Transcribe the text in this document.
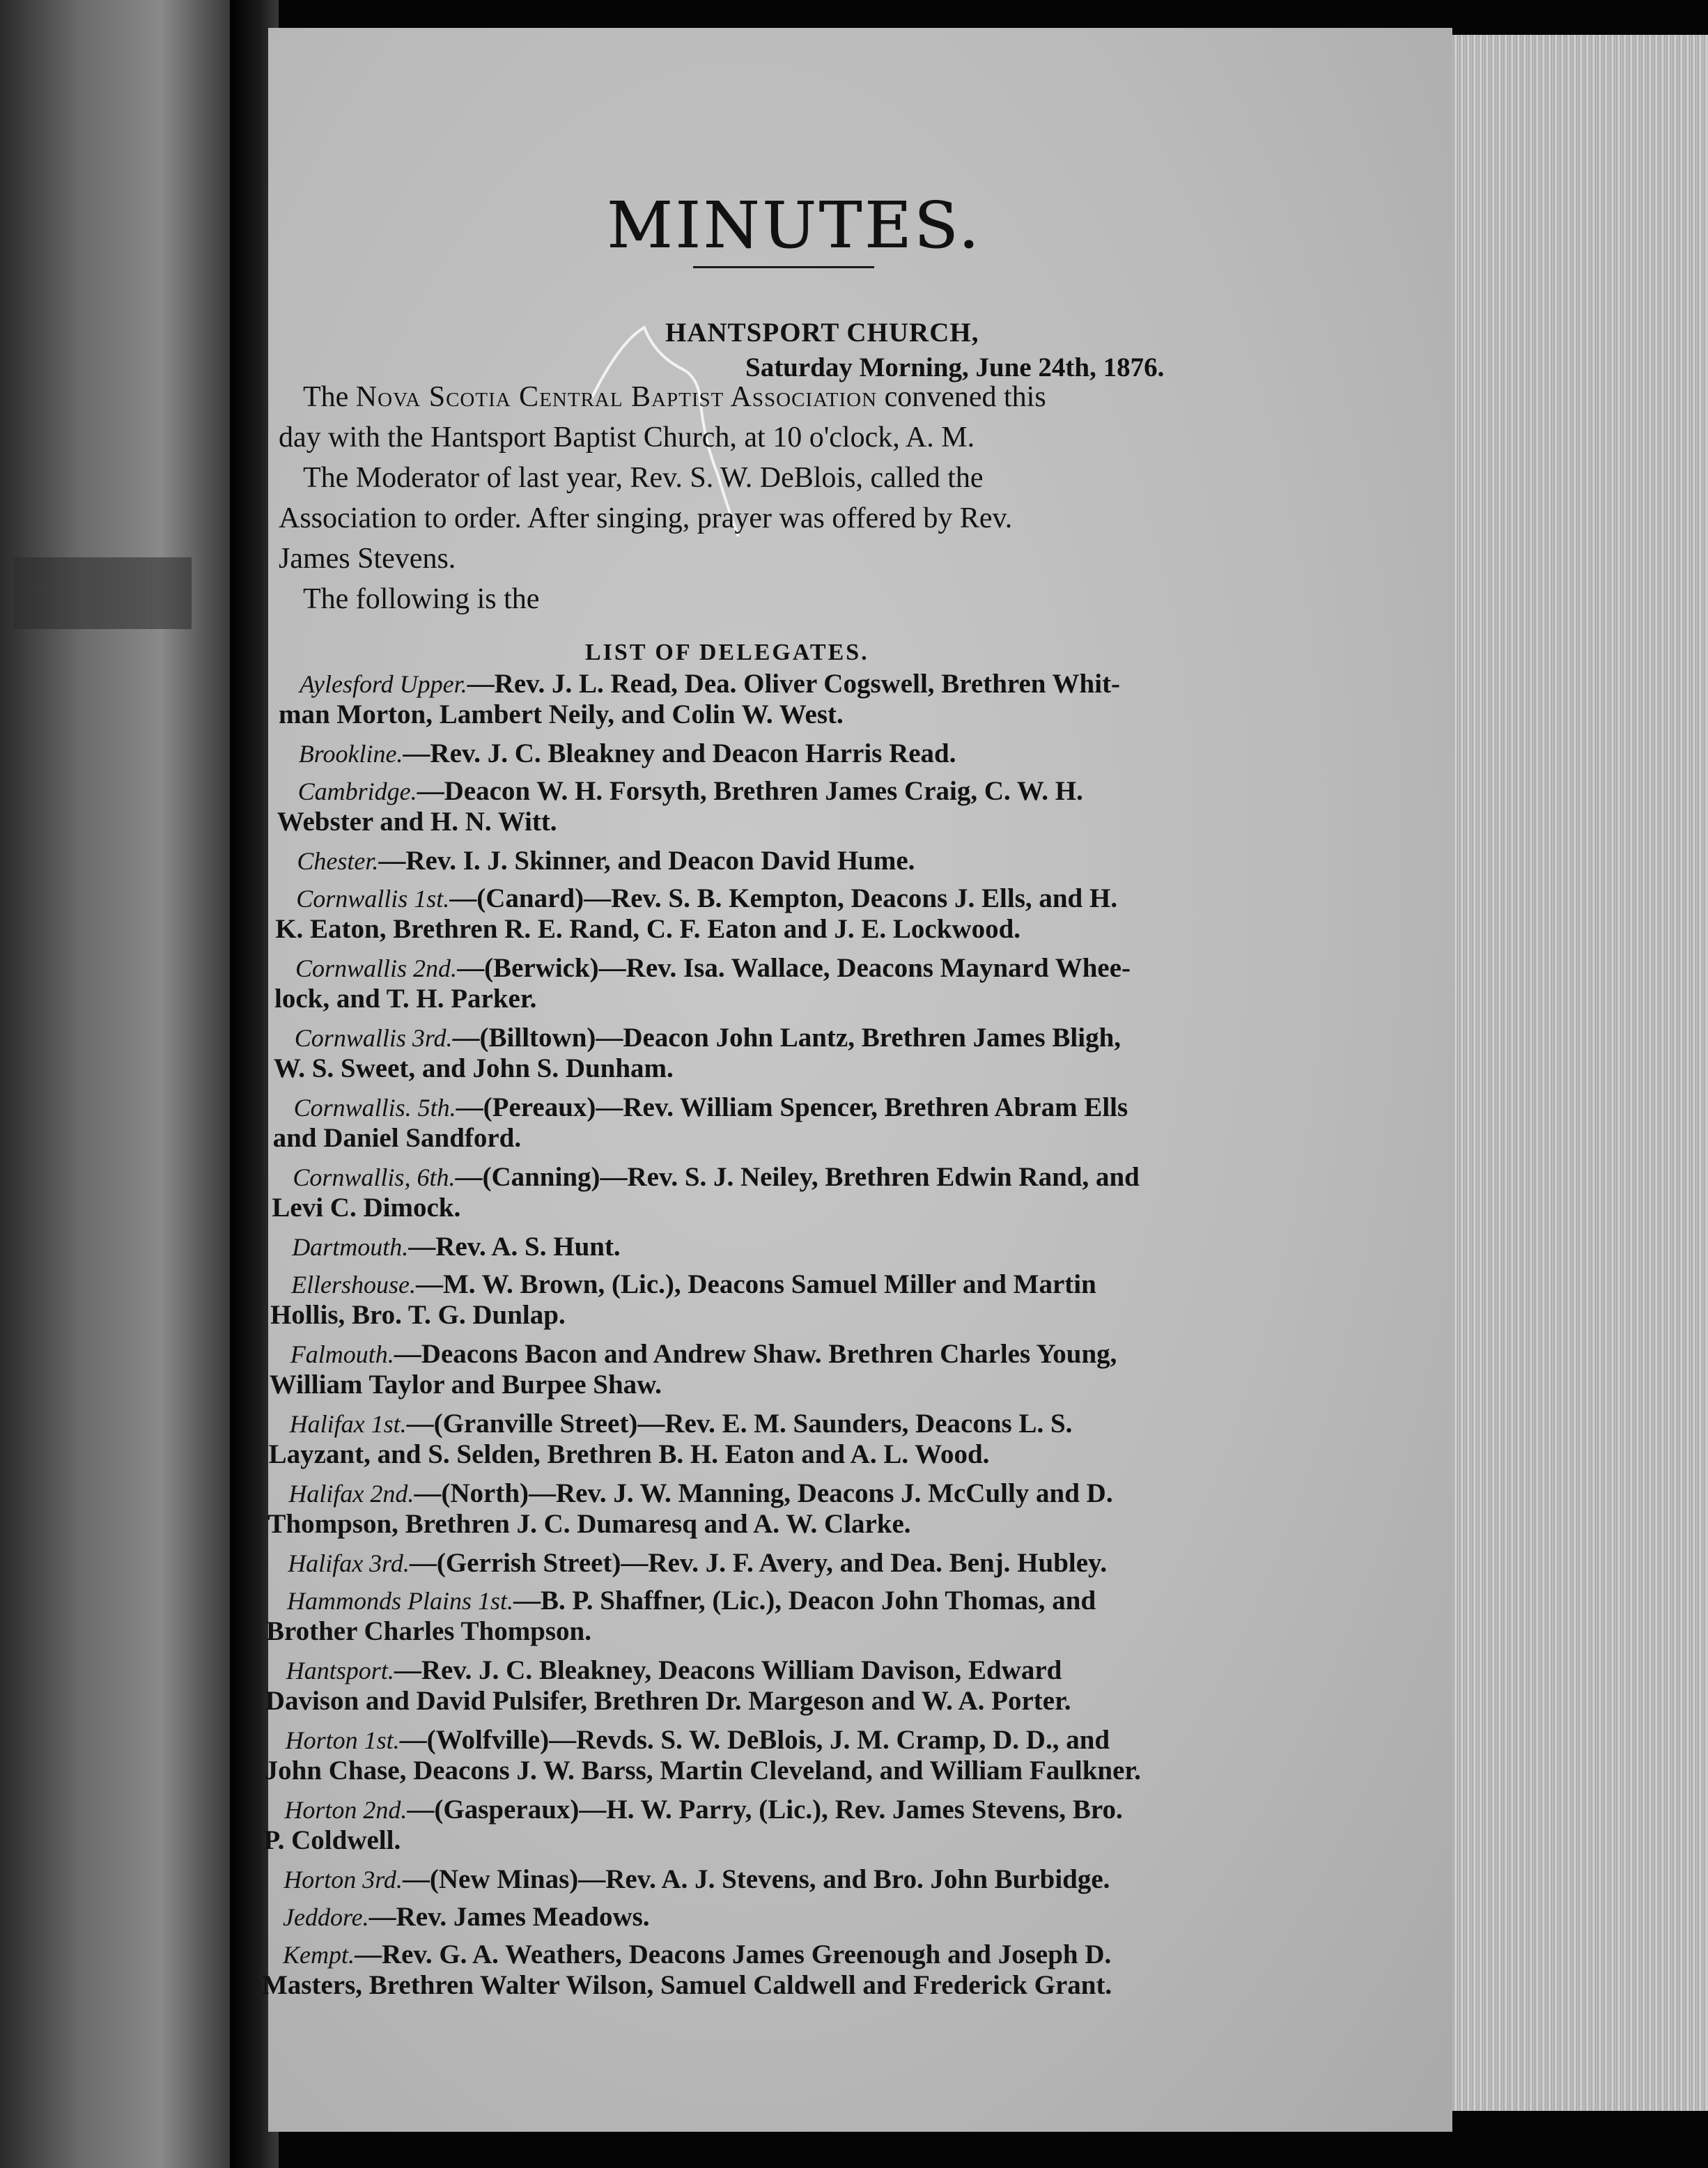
████
MINUTES.
HANTSPORT CHURCH,
Saturday Morning, June 24th, 1876.
The Nova Scotia Central Baptist Association convened this
day with the Hantsport Baptist Church, at 10 o'clock, A. M.
The Moderator of last year, Rev. S. W. DeBlois, called the
Association to order. After singing, prayer was offered by Rev.
James Stevens.
The following is the
LIST OF DELEGATES.
Aylesford Upper.—Rev. J. L. Read, Dea. Oliver Cogswell, Brethren Whit-
man Morton, Lambert Neily, and Colin W. West.
Brookline.—Rev. J. C. Bleakney and Deacon Harris Read.
Cambridge.—Deacon W. H. Forsyth, Brethren James Craig, C. W. H.
Webster and H. N. Witt.
Chester.—Rev. I. J. Skinner, and Deacon David Hume.
Cornwallis 1st.—(Canard)—Rev. S. B. Kempton, Deacons J. Ells, and H.
K. Eaton, Brethren R. E. Rand, C. F. Eaton and J. E. Lockwood.
Cornwallis 2nd.—(Berwick)—Rev. Isa. Wallace, Deacons Maynard Whee-
lock, and T. H. Parker.
Cornwallis 3rd.—(Billtown)—Deacon John Lantz, Brethren James Bligh,
W. S. Sweet, and John S. Dunham.
Cornwallis. 5th.—(Pereaux)—Rev. William Spencer, Brethren Abram Ells
and Daniel Sandford.
Cornwallis, 6th.—(Canning)—Rev. S. J. Neiley, Brethren Edwin Rand, and
Levi C. Dimock.
Dartmouth.—Rev. A. S. Hunt.
Ellershouse.—M. W. Brown, (Lic.), Deacons Samuel Miller and Martin
Hollis, Bro. T. G. Dunlap.
Falmouth.—Deacons Bacon and Andrew Shaw. Brethren Charles Young,
William Taylor and Burpee Shaw.
Halifax 1st.—(Granville Street)—Rev. E. M. Saunders, Deacons L. S.
Layzant, and S. Selden, Brethren B. H. Eaton and A. L. Wood.
Halifax 2nd.—(North)—Rev. J. W. Manning, Deacons J. McCully and D.
Thompson, Brethren J. C. Dumaresq and A. W. Clarke.
Halifax 3rd.—(Gerrish Street)—Rev. J. F. Avery, and Dea. Benj. Hubley.
Hammonds Plains 1st.—B. P. Shaffner, (Lic.), Deacon John Thomas, and
Brother Charles Thompson.
Hantsport.—Rev. J. C. Bleakney, Deacons William Davison, Edward
Davison and David Pulsifer, Brethren Dr. Margeson and W. A. Porter.
Horton 1st.—(Wolfville)—Revds. S. W. DeBlois, J. M. Cramp, D. D., and
John Chase, Deacons J. W. Barss, Martin Cleveland, and William Faulkner.
Horton 2nd.—(Gasperaux)—H. W. Parry, (Lic.), Rev. James Stevens, Bro.
P. Coldwell.
Horton 3rd.—(New Minas)—Rev. A. J. Stevens, and Bro. John Burbidge.
Jeddore.—Rev. James Meadows.
Kempt.—Rev. G. A. Weathers, Deacons James Greenough and Joseph D.
Masters, Brethren Walter Wilson, Samuel Caldwell and Frederick Grant.
